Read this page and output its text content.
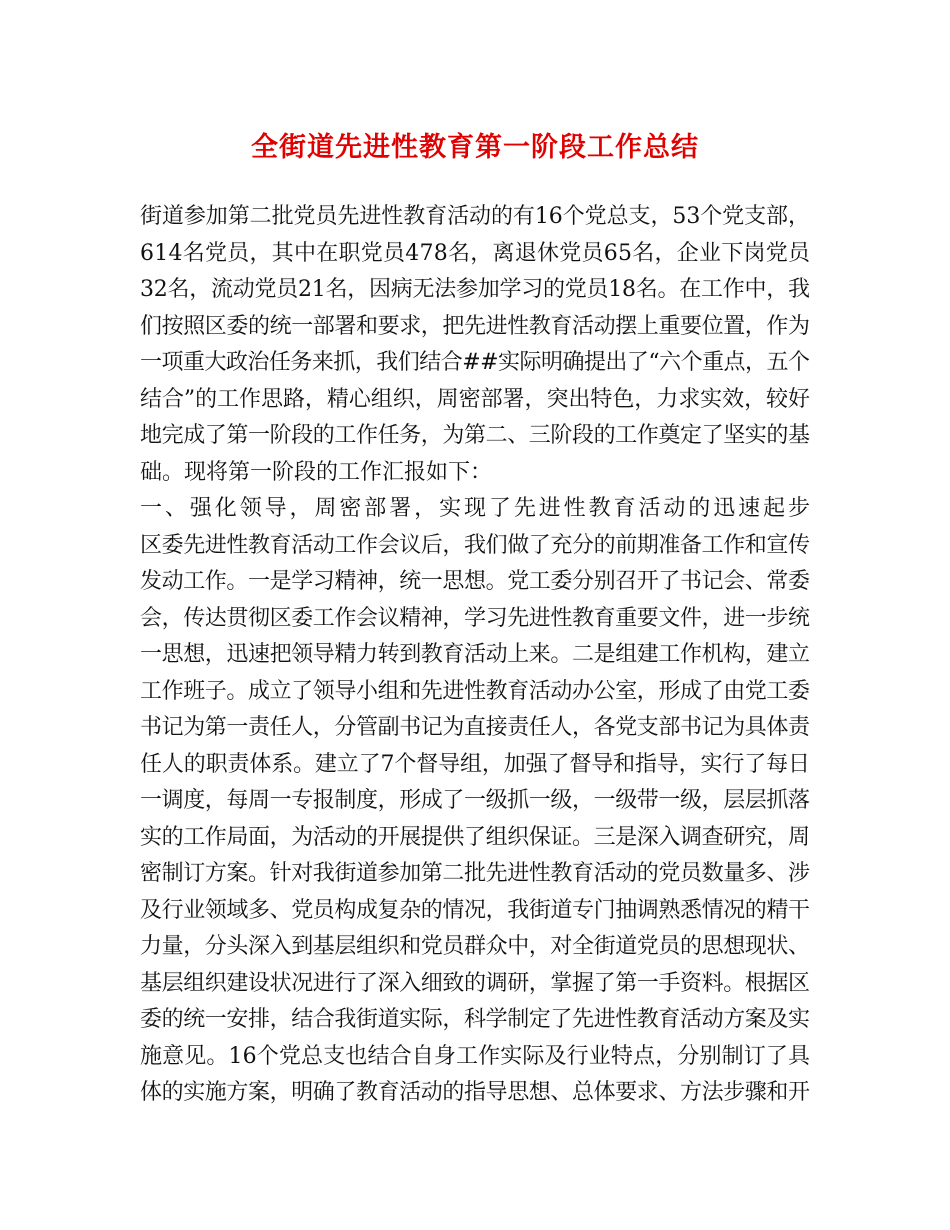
全街道先进性教育第一阶段工作总结
街道参加第二批党员先进性教育活动的有16个党总支，53个党支部，
614名党员，其中在职党员478名，离退休党员65名，企业下岗党员
32名，流动党员21名，因病无法参加学习的党员18名。在工作中，我
们按照区委的统一部署和要求，把先进性教育活动摆上重要位置，作为
一项重大政治任务来抓，我们结合##实际明确提出了“六个重点，五个
结合”的工作思路，精心组织，周密部署，突出特色，力求实效，较好
地完成了第一阶段的工作任务，为第二、三阶段的工作奠定了坚实的基
础。现将第一阶段的工作汇报如下：
一、强化领导，周密部署，实现了先进性教育活动的迅速起步
区委先进性教育活动工作会议后，我们做了充分的前期准备工作和宣传
发动工作。一是学习精神，统一思想。党工委分别召开了书记会、常委
会，传达贯彻区委工作会议精神，学习先进性教育重要文件，进一步统
一思想，迅速把领导精力转到教育活动上来。二是组建工作机构，建立
工作班子。成立了领导小组和先进性教育活动办公室，形成了由党工委
书记为第一责任人，分管副书记为直接责任人，各党支部书记为具体责
任人的职责体系。建立了7个督导组，加强了督导和指导，实行了每日
一调度，每周一专报制度，形成了一级抓一级，一级带一级，层层抓落
实的工作局面，为活动的开展提供了组织保证。三是深入调查研究，周
密制订方案。针对我街道参加第二批先进性教育活动的党员数量多、涉
及行业领域多、党员构成复杂的情况，我街道专门抽调熟悉情况的精干
力量，分头深入到基层组织和党员群众中，对全街道党员的思想现状、
基层组织建设状况进行了深入细致的调研，掌握了第一手资料。根据区
委的统一安排，结合我街道实际，科学制定了先进性教育活动方案及实
施意见。16个党总支也结合自身工作实际及行业特点，分别制订了具
体的实施方案，明确了教育活动的指导思想、总体要求、方法步骤和开
